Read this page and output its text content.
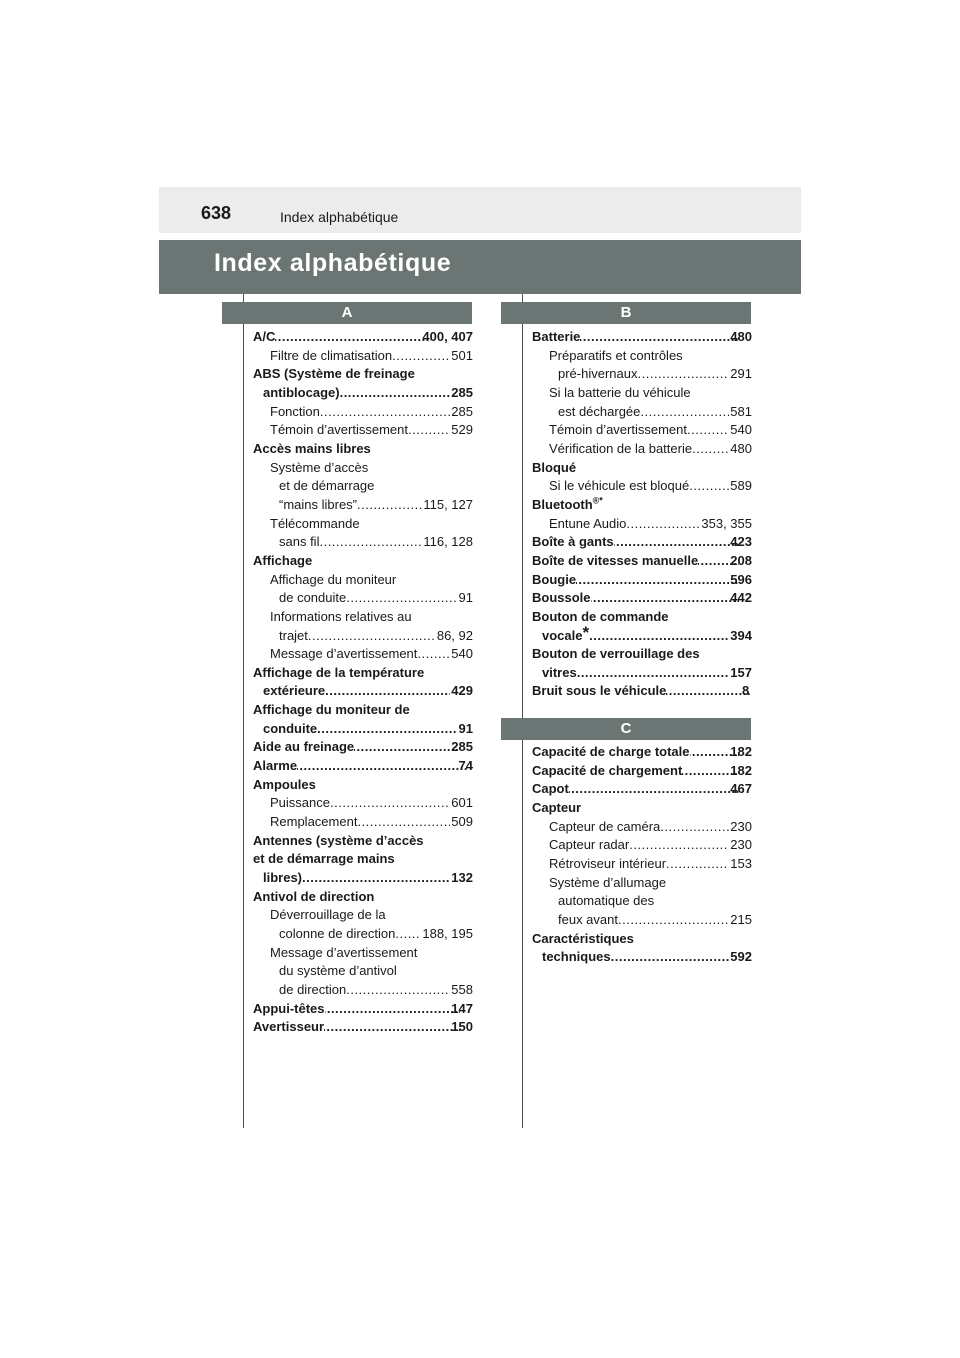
638	Index alphabétique
Index alphabétique
A	B
C
A/C .....	400, 407
Filtre de climatisation .....	501
ABS (Système de freinage
antiblocage) .....	285
Fonction .....	285
Témoin d’avertissement .....	529
Accès mains libres
Système d’accès
et de démarrage
“mains libres” .....	115, 127
Télécommande
sans fil .....	116, 128
Affichage
Affichage du moniteur
de conduite .....	91
Informations relatives au
trajet .....	86, 92
Message d’avertissement .....	540
Affichage de la température
extérieure .....	429
Affichage du moniteur de
conduite .....	91
Aide au freinage .....	285
Alarme .....	74
Ampoules
Puissance .....	601
Remplacement .....	509
Antennes (système d’accès
et de démarrage mains
libres) .....	132
Antivol de direction
Déverrouillage de la
colonne de direction ..... 188, 195
Message d’avertissement
du système d’antivol
de direction .....	558
Appui-têtes .....	147
Avertisseur .....	150
Batterie .....	480
Préparatifs et contrôles
pré-hivernaux .....	291
Si la batterie du véhicule
est déchargée .....	581
Témoin d’avertissement .....	540
Vérification de la batterie .....	480
Bloqué
Si le véhicule est bloqué .....	589
Bluetooth®*
Entune Audio .....	353, 355
Boîte à gants .....	423
Boîte de vitesses manuelle ..... 208
Bougie .....	596
Boussole .....	442
Bouton de commande
vocale* .....	394
Bouton de verrouillage des
vitres .....	157
Bruit sous le véhicule .....	8
Capacité de charge totale .....	182
Capacité de chargement .....	182
Capot .....	467
Capteur
Capteur de caméra .....	230
Capteur radar .....	230
Rétroviseur intérieur .....	153
Système d’allumage
automatique des
feux avant .....	215
Caractéristiques
techniques .....	592
